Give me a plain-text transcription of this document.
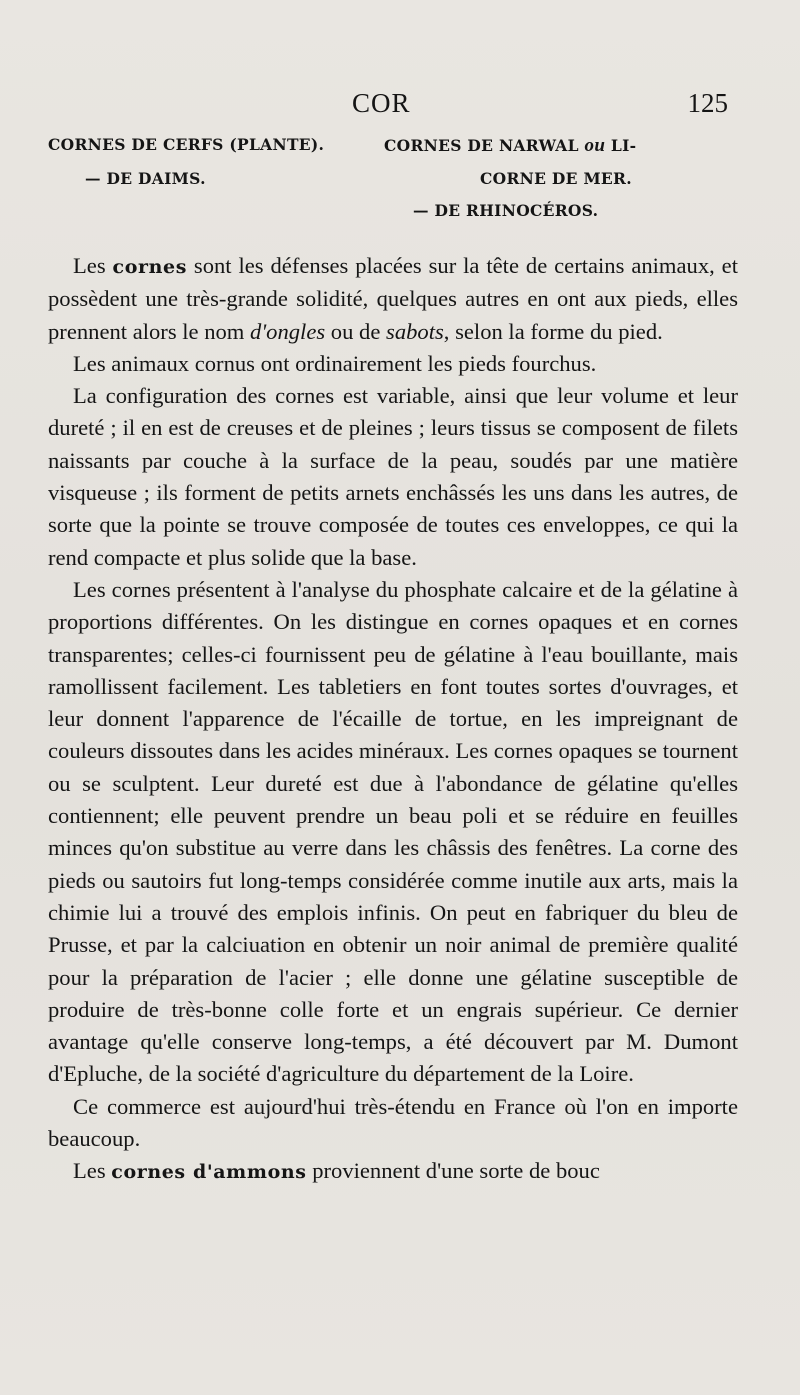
COR	125
CORNES DE CERFS (PLANTE).
— DE DAIMS.
CORNES DE NARWAL ou LI-
CORNE DE MER.
— DE RHINOCÉROS.

Les cornes sont les défenses placées sur la tête de certains animaux, et possèdent une très-grande solidité, quelques autres en ont aux pieds, elles prennent alors le nom d'ongles ou de sabots, selon la forme du pied.

Les animaux cornus ont ordinairement les pieds fourchus.

La configuration des cornes est variable, ainsi que leur volume et leur dureté ; il en est de creuses et de pleines ; leurs tissus se composent de filets naissants par couche à la surface de la peau, soudés par une matière visqueuse ; ils forment de petits arnets enchâssés les uns dans les autres, de sorte que la pointe se trouve composée de toutes ces enveloppes, ce qui la rend compacte et plus solide que la base.

Les cornes présentent à l'analyse du phosphate calcaire et de la gélatine à proportions différentes. On les distingue en cornes opaques et en cornes transparentes; celles-ci fournissent peu de gélatine à l'eau bouillante, mais ramollissent facilement. Les tabletiers en font toutes sortes d'ouvrages, et leur donnent l'apparence de l'écaille de tortue, en les impreignant de couleurs dissoutes dans les acides minéraux. Les cornes opaques se tournent ou se sculptent. Leur dureté est due à l'abondance de gélatine qu'elles contiennent; elle peuvent prendre un beau poli et se réduire en feuilles minces qu'on substitue au verre dans les châssis des fenêtres. La corne des pieds ou sautoirs fut long-temps considérée comme inutile aux arts, mais la chimie lui a trouvé des emplois infinis. On peut en fabriquer du bleu de Prusse, et par la calciuation en obtenir un noir animal de première qualité pour la préparation de l'acier ; elle donne une gélatine susceptible de produire de très-bonne colle forte et un engrais supérieur. Ce dernier avantage qu'elle conserve long-temps, a été découvert par M. Dumont d'Epluche, de la société d'agriculture du département de la Loire.

Ce commerce est aujourd'hui très-étendu en France où l'on en importe beaucoup.

Les cornes d'ammons proviennent d'une sorte de bouc
